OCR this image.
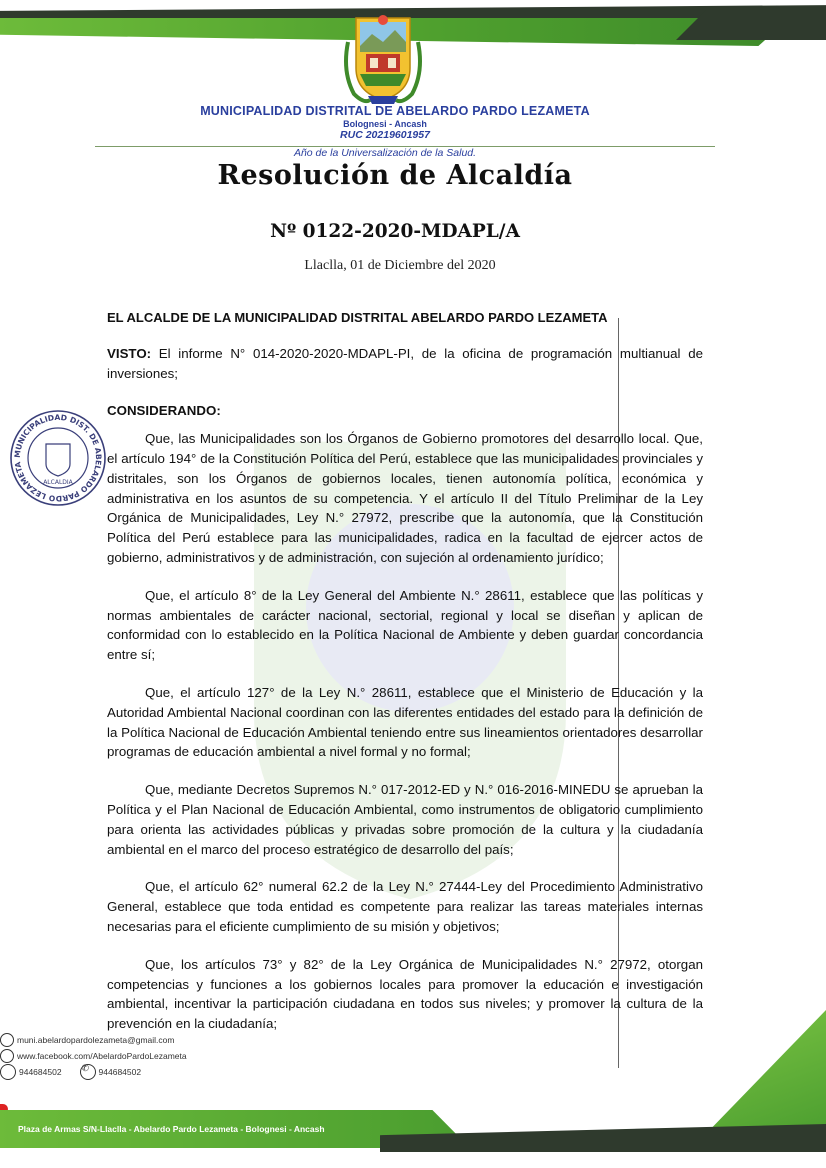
MUNICIPALIDAD DISTRITAL DE ABELARDO PARDO LEZAMETA
Bolognesi - Ancash
RUC 20219601957
Año de la Universalización de la Salud.
Resolución de Alcaldía
Nº 0122-2020-MDAPL/A
Llaclla, 01 de Diciembre del 2020

EL ALCALDE DE LA MUNICIPALIDAD DISTRITAL ABELARDO PARDO LEZAMETA

VISTO: El informe N° 014-2020-2020-MDAPL-PI, de la oficina de programación multianual de inversiones;

CONSIDERANDO:

Que, las Municipalidades son los Órganos de Gobierno promotores del desarrollo local. Que, el artículo 194° de la Constitución Política del Perú, establece que las municipalidades provinciales y distritales, son los Órganos de gobiernos locales, tienen autonomía política, económica y administrativa en los asuntos de su competencia. Y el artículo II del Título Preliminar de la Ley Orgánica de Municipalidades, Ley N.° 27972, prescribe que la autonomía, que la Constitución Política del Perú establece para las municipalidades, radica en la facultad de ejercer actos de gobierno, administrativos y de administración, con sujeción al ordenamiento jurídico;

Que, el artículo 8° de la Ley General del Ambiente N.° 28611, establece que las políticas y normas ambientales de carácter nacional, sectorial, regional y local se diseñan y aplican de conformidad con lo establecido en la Política Nacional de Ambiente y deben guardar concordancia entre sí;

Que, el artículo 127° de la Ley N.° 28611, establece que el Ministerio de Educación y la Autoridad Ambiental Nacional coordinan con las diferentes entidades del estado para la definición de la Política Nacional de Educación Ambiental teniendo entre sus lineamientos orientadores desarrollar programas de educación ambiental a nivel formal y no formal;

Que, mediante Decretos Supremos N.° 017-2012-ED y N.° 016-2016-MINEDU se aprueban la Política y el Plan Nacional de Educación Ambiental, como instrumentos de obligatorio cumplimiento para orienta las actividades públicas y privadas sobre promoción de la cultura y la ciudadanía ambiental en el marco del proceso estratégico de desarrollo del país;

Que, el artículo 62° numeral 62.2 de la Ley N.° 27444-Ley del Procedimiento Administrativo General, establece que toda entidad es competente para realizar las tareas materiales internas necesarias para el eficiente cumplimiento de su misión y objetivos;

Que, los artículos 73° y 82° de la Ley Orgánica de Municipalidades N.° 27972, otorgan competencias y funciones a los gobiernos locales para promover la educación e investigación ambiental, incentivar la participación ciudadana en todos sus niveles; y promover la cultura de la prevención en la ciudadanía;

MUNICIPALIDAD DIST. DE ABELARDO PARDO LEZAMETA
ALCALDIA
muni.abelardopardolezameta@gmail.com
www.facebook.com/AbelardoPardoLezameta
944684502 ✆	944684502
Plaza de Armas S/N-Llaclla - Abelardo Pardo Lezameta - Bolognesi - Ancash
